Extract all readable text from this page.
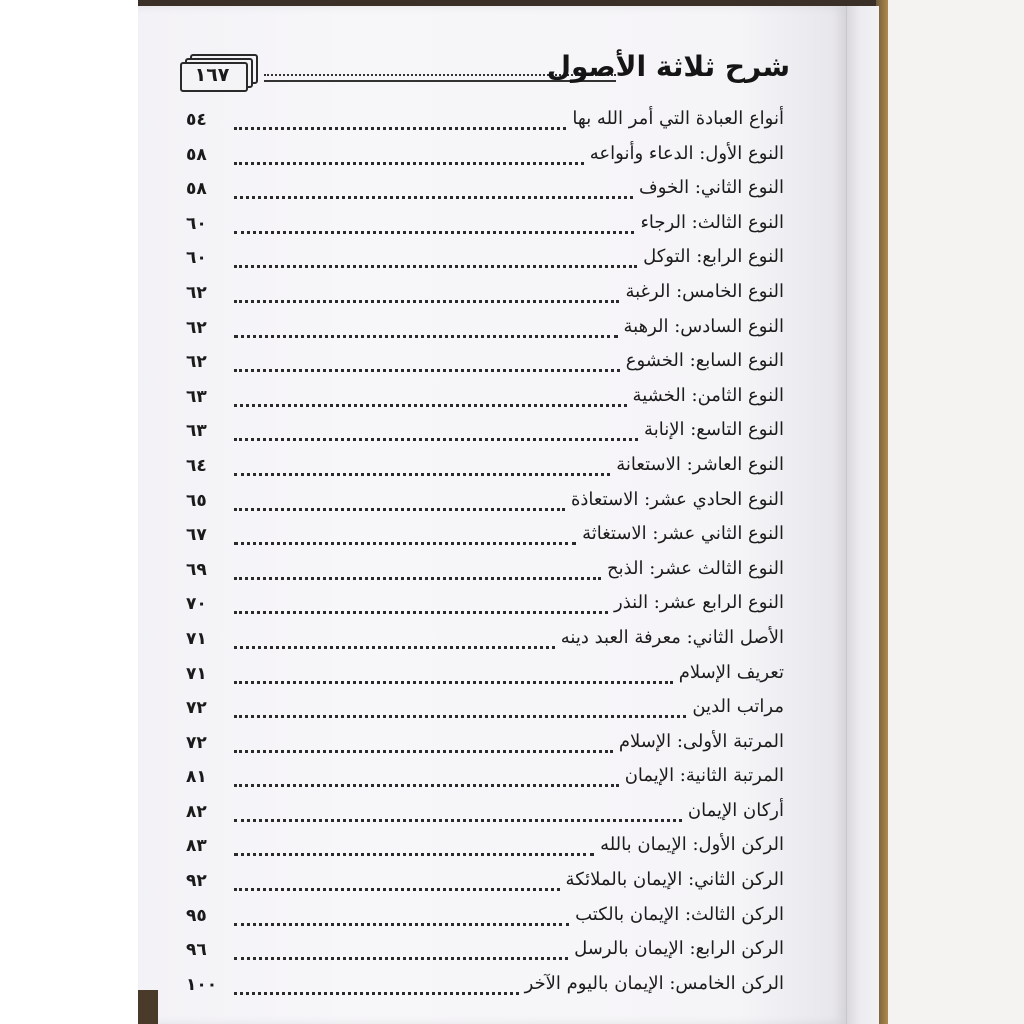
١٦٧	شرح ثلاثة الأصول
٥٤	أنواع العبادة التي أمر الله بها
٥٨	النوع الأول: الدعاء وأنواعه
٥٨	النوع الثاني: الخوف
٦٠	النوع الثالث: الرجاء
٦٠	النوع الرابع: التوكل
٦٢	النوع الخامس: الرغبة
٦٢	النوع السادس: الرهبة
٦٢	النوع السابع: الخشوع
٦٣	النوع الثامن: الخشية
٦٣	النوع التاسع: الإنابة
٦٤	النوع العاشر: الاستعانة
٦٥	النوع الحادي عشر: الاستعاذة
٦٧	النوع الثاني عشر: الاستغاثة
٦٩	النوع الثالث عشر: الذبح
٧٠	النوع الرابع عشر: النذر
٧١	الأصل الثاني: معرفة العبد دينه
٧١	تعريف الإسلام
٧٢	مراتب الدين
٧٢	المرتبة الأولى: الإسلام
٨١	المرتبة الثانية: الإيمان
٨٢	أركان الإيمان
٨٣	الركن الأول: الإيمان بالله
٩٢	الركن الثاني: الإيمان بالملائكة
٩٥	الركن الثالث: الإيمان بالكتب
٩٦	الركن الرابع: الإيمان بالرسل
١٠٠	الركن الخامس: الإيمان باليوم الآخر
